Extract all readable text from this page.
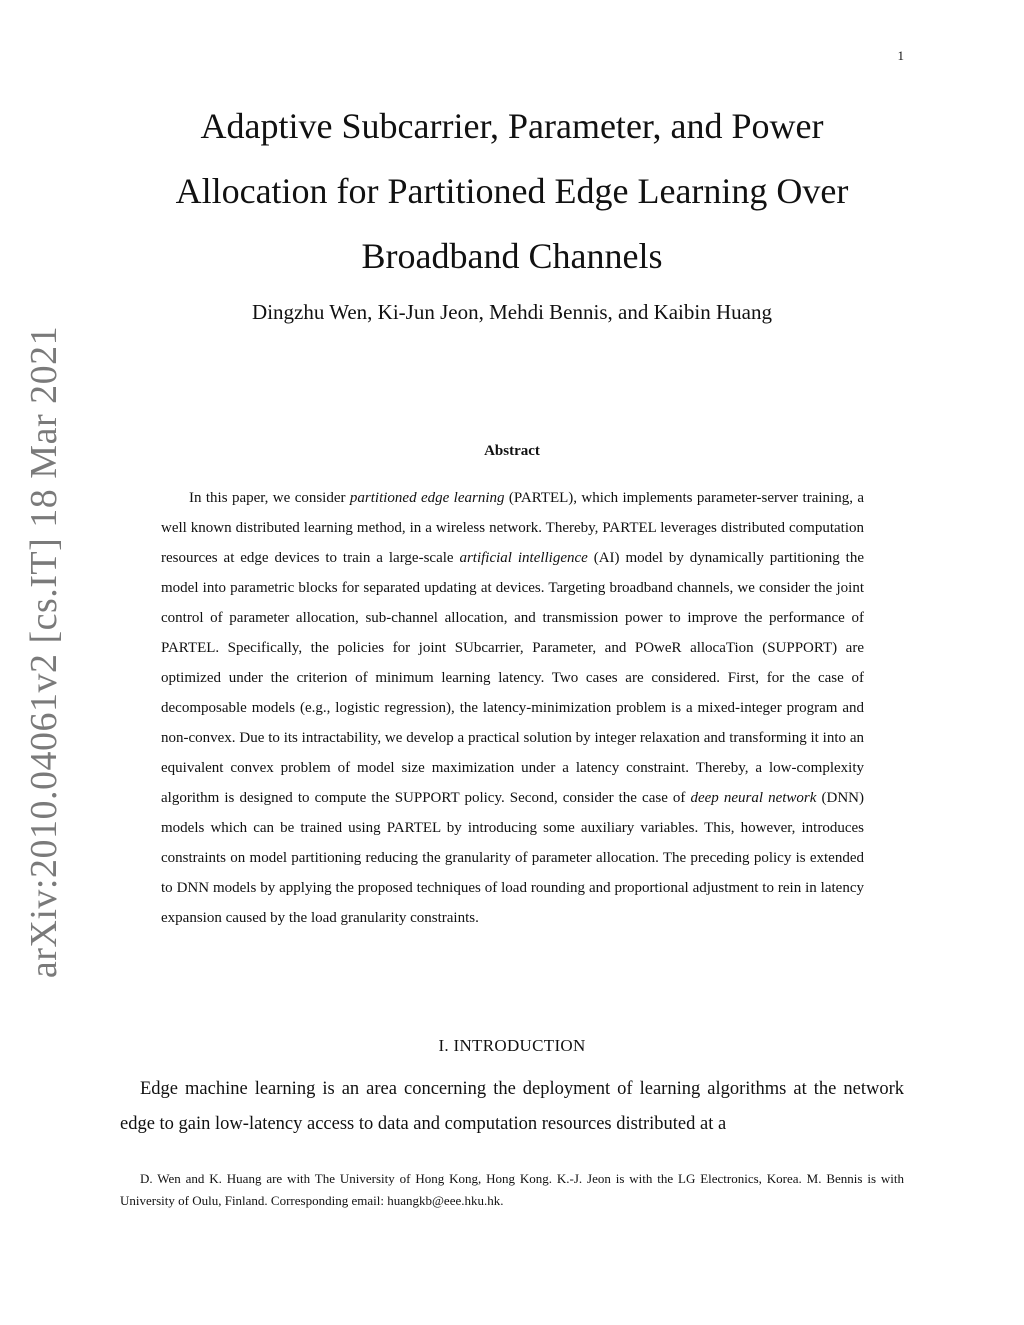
1
arXiv:2010.04061v2 [cs.IT] 18 Mar 2021
Adaptive Subcarrier, Parameter, and Power
Allocation for Partitioned Edge Learning Over
Broadband Channels
Dingzhu Wen, Ki-Jun Jeon, Mehdi Bennis, and Kaibin Huang
Abstract

In this paper, we consider partitioned edge learning (PARTEL), which implements parameter-server training, a well known distributed learning method, in a wireless network. Thereby, PARTEL leverages distributed computation resources at edge devices to train a large-scale artificial intelligence (AI) model by dynamically partitioning the model into parametric blocks for separated updating at devices. Targeting broadband channels, we consider the joint control of parameter allocation, sub-channel allocation, and transmission power to improve the performance of PARTEL. Specifically, the policies for joint SUbcarrier, Parameter, and POweR allocaTion (SUPPORT) are optimized under the criterion of minimum learning latency. Two cases are considered. First, for the case of decomposable models (e.g., logistic regression), the latency-minimization problem is a mixed-integer program and non-convex. Due to its intractability, we develop a practical solution by integer relaxation and transforming it into an equivalent convex problem of model size maximization under a latency constraint. Thereby, a low-complexity algorithm is designed to compute the SUPPORT policy. Second, consider the case of deep neural network (DNN) models which can be trained using PARTEL by introducing some auxiliary variables. This, however, introduces constraints on model partitioning reducing the granularity of parameter allocation. The preceding policy is extended to DNN models by applying the proposed techniques of load rounding and proportional adjustment to rein in latency expansion caused by the load granularity constraints.

I. INTRODUCTION

Edge machine learning is an area concerning the deployment of learning algorithms at the network edge to gain low-latency access to data and computation resources distributed at a

D. Wen and K. Huang are with The University of Hong Kong, Hong Kong. K.-J. Jeon is with the LG Electronics, Korea. M. Bennis is with University of Oulu, Finland. Corresponding email: huangkb@eee.hku.hk.
